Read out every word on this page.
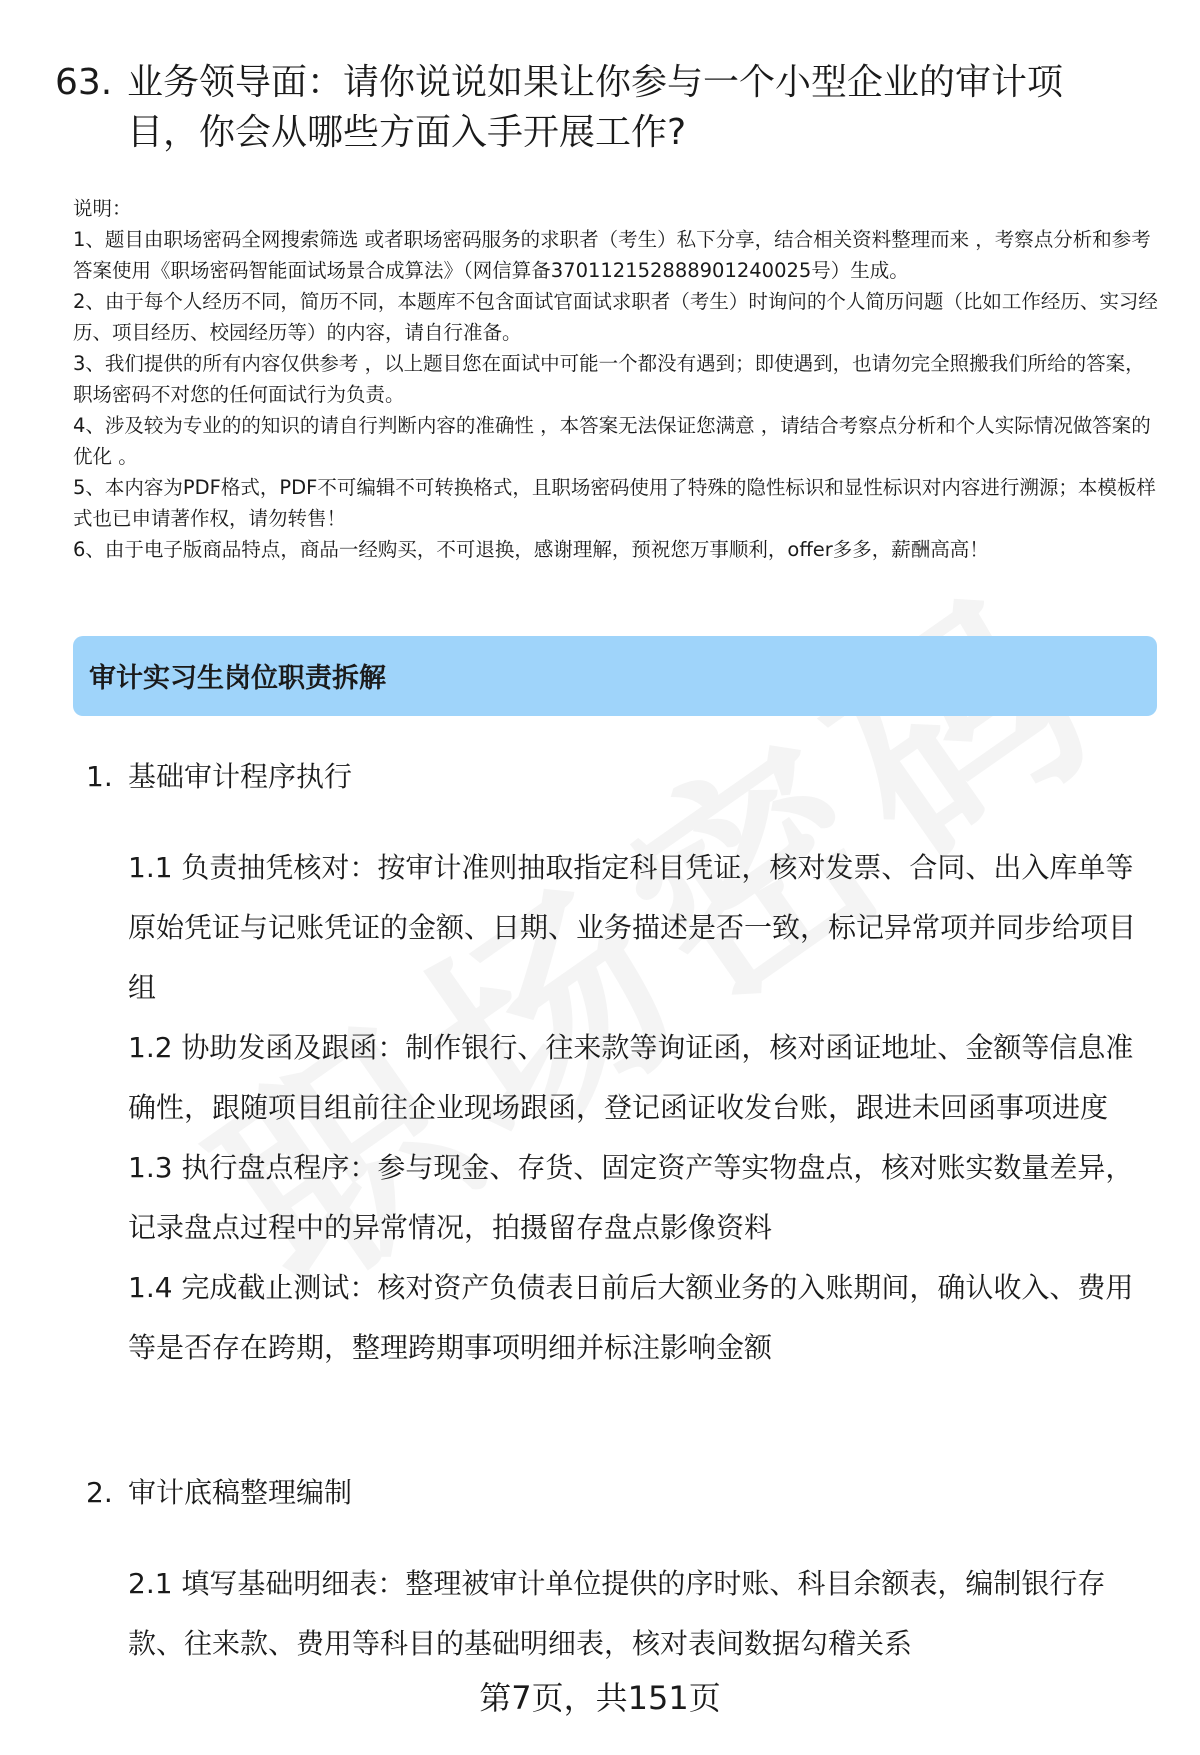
63. 业务领导面：请你说说如果让你参与一个小型企业的审计项目，你会从哪些方面入手开展工作?

说明：

1、题目由职场密码全网搜索筛选 或者职场密码服务的求职者（考生）私下分享，结合相关资料整理而来 ，考察点分析和参考答案使用《职场密码智能面试场景合成算法》（网信算备370112152888901240025号）生成。

2、由于每个人经历不同，简历不同，本题库不包含面试官面试求职者（考生）时询问的个人简历问题（比如工作经历、实习经历、项目经历、校园经历等）的内容，请自行准备。

3、我们提供的所有内容仅供参考 ，以上题目您在面试中可能一个都没有遇到；即使遇到，也请勿完全照搬我们所给的答案，职场密码不对您的任何面试行为负责。

4、涉及较为专业的的知识的请自行判断内容的准确性 ，本答案无法保证您满意 ，请结合考察点分析和个人实际情况做答案的优化 。

5、本内容为PDF格式，PDF不可编辑不可转换格式，且职场密码使用了特殊的隐性标识和显性标识对内容进行溯源；本模板样式也已申请著作权，请勿转售！

6、由于电子版商品特点，商品一经购买，不可退换，感谢理解，预祝您万事顺利，offer多多，薪酬高高！

审计实习生岗位职责拆解
1. 基础审计程序执行

1.1 负责抽凭核对：按审计准则抽取指定科目凭证，核对发票、合同、出入库单等原始凭证与记账凭证的金额、日期、业务描述是否一致，标记异常项并同步给项目组

1.2 协助发函及跟函：制作银行、往来款等询证函，核对函证地址、金额等信息准确性，跟随项目组前往企业现场跟函，登记函证收发台账，跟进未回函事项进度

1.3 执行盘点程序：参与现金、存货、固定资产等实物盘点，核对账实数量差异，记录盘点过程中的异常情况，拍摄留存盘点影像资料

1.4 完成截止测试：核对资产负债表日前后大额业务的入账期间，确认收入、费用等是否存在跨期，整理跨期事项明细并标注影响金额

2. 审计底稿整理编制

2.1 填写基础明细表：整理被审计单位提供的序时账、科目余额表，编制银行存款、往来款、费用等科目的基础明细表，核对表间数据勾稽关系

第7页，共151页
